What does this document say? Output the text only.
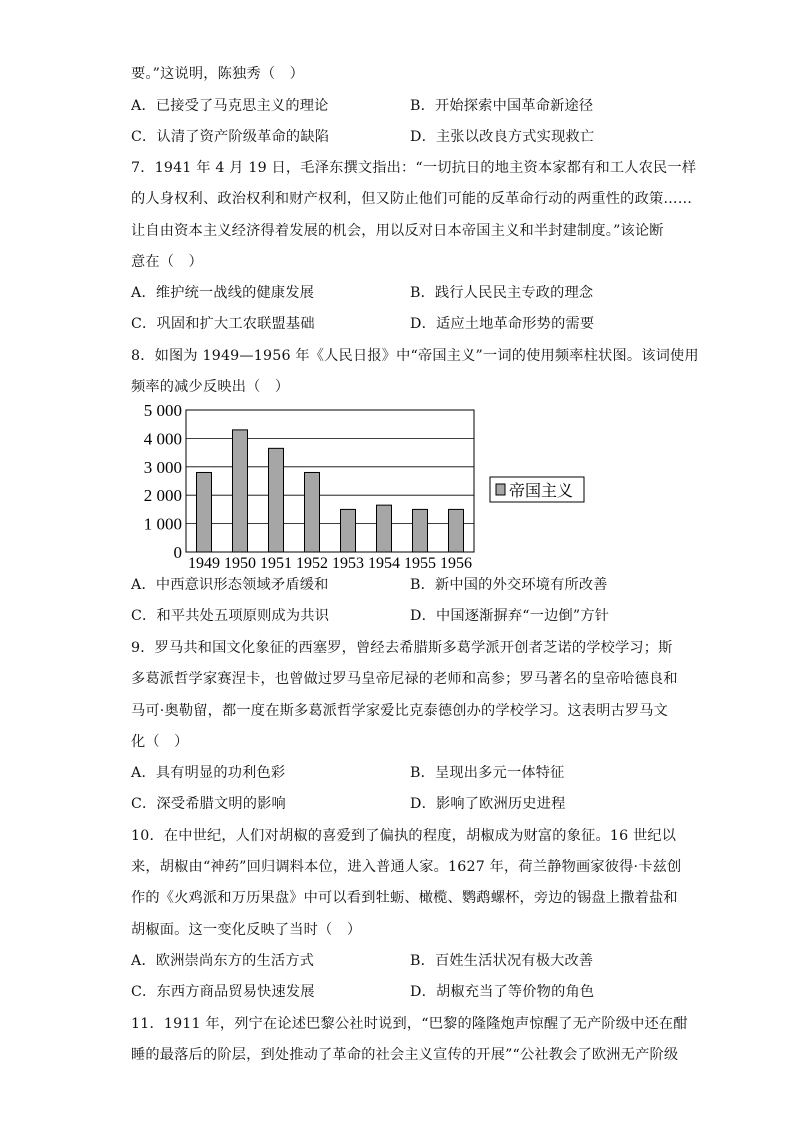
要。”这说明，陈独秀（　）
A．已接受了马克思主义的理论	B．开始探索中国革命新途径
C．认清了资产阶级革命的缺陷	D．主张以改良方式实现救亡
7．1941 年 4 月 19 日，毛泽东撰文指出：“一切抗日的地主资本家都有和工人农民一样
的人身权利、政治权利和财产权利，但又防止他们可能的反革命行动的两重性的政策……
让自由资本主义经济得着发展的机会，用以反对日本帝国主义和半封建制度。”该论断
意在（　）
A．维护统一战线的健康发展	B．践行人民民主专政的理念
C．巩固和扩大工农联盟基础	D．适应土地革命形势的需要
8．如图为 1949—1956 年《人民日报》中“帝国主义”一词的使用频率柱状图。该词使用
频率的减少反映出（　）
0
1 000
2 000
3 000
4 000
5 000
1949 1950 1951 1952 1953 1954 1955 1956
帝国主义
A．中西意识形态领域矛盾缓和	B．新中国的外交环境有所改善
C．和平共处五项原则成为共识	D．中国逐渐摒弃“一边倒”方针
9．罗马共和国文化象征的西塞罗，曾经去希腊斯多葛学派开创者芝诺的学校学习；斯
多葛派哲学家赛涅卡，也曾做过罗马皇帝尼禄的老师和高参；罗马著名的皇帝哈德良和
马可·奥勒留，都一度在斯多葛派哲学家爱比克泰德创办的学校学习。这表明古罗马文
化（　）
A．具有明显的功利色彩	B．呈现出多元一体特征
C．深受希腊文明的影响	D．影响了欧洲历史进程
10．在中世纪，人们对胡椒的喜爱到了偏执的程度，胡椒成为财富的象征。16 世纪以
来，胡椒由“神药”回归调料本位，进入普通人家。1627 年，荷兰静物画家彼得·卡兹创
作的《火鸡派和万历果盘》中可以看到牡蛎、橄榄、鹦鹉螺杯，旁边的锡盘上撒着盐和
胡椒面。这一变化反映了当时（　）
A．欧洲崇尚东方的生活方式	B．百姓生活状况有极大改善
C．东西方商品贸易快速发展	D．胡椒充当了等价物的角色
11．1911 年，列宁在论述巴黎公社时说到，“巴黎的隆隆炮声惊醒了无产阶级中还在酣
睡的最落后的阶层，到处推动了革命的社会主义宣传的开展”“公社教会了欧洲无产阶级
